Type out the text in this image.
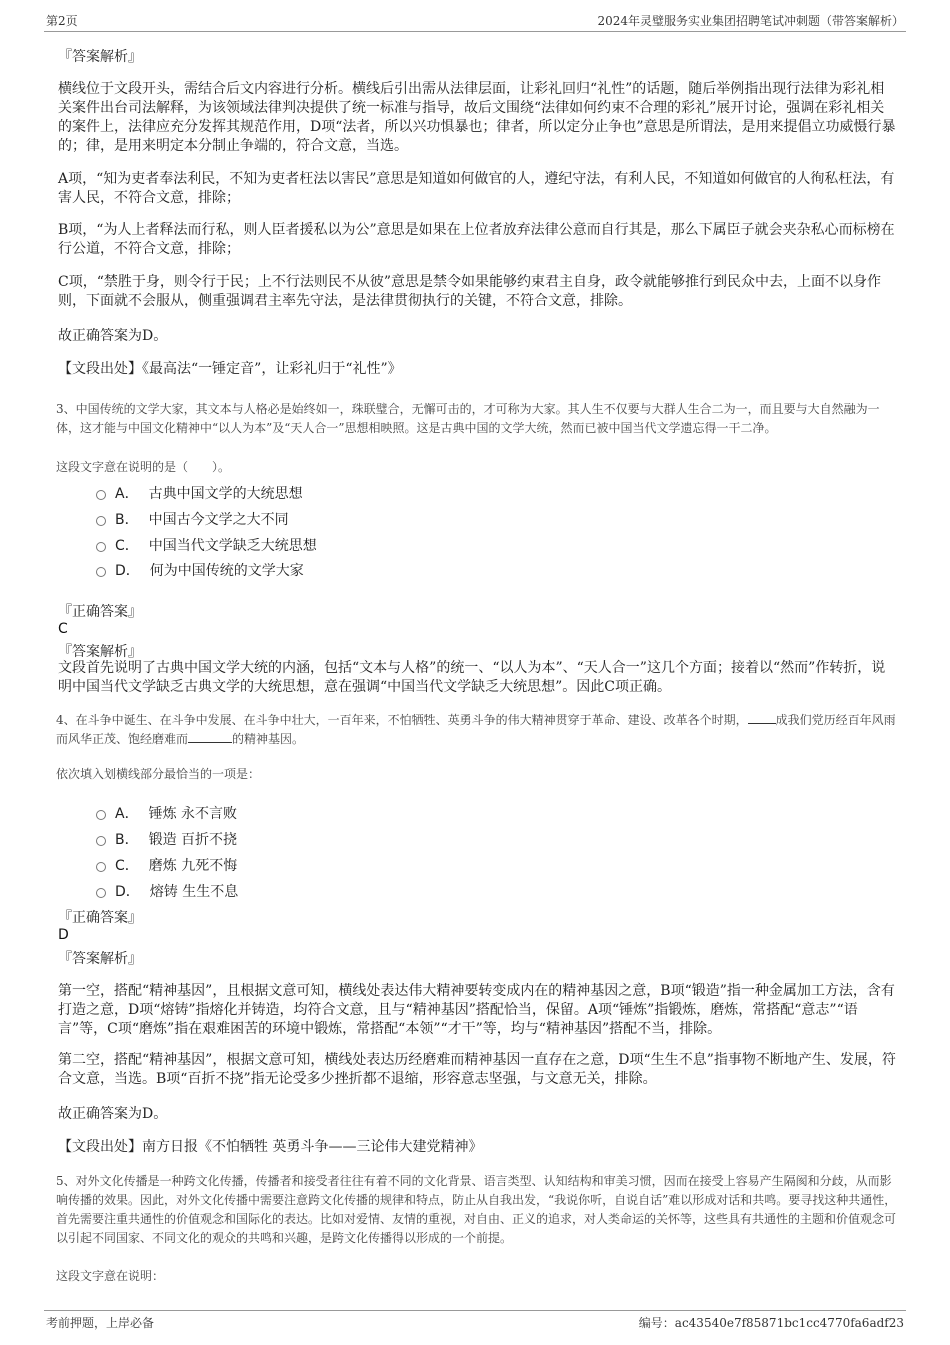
第2页	2024年灵璧服务实业集团招聘笔试冲刺题（带答案解析）
『答案解析』

横线位于文段开头，需结合后文内容进行分析。横线后引出需从法律层面，让彩礼回归“礼性”的话题，随后举例指出现行法律为彩礼相关案件出台司法解释，为该领域法律判决提供了统一标准与指导，故后文围绕“法律如何约束不合理的彩礼”展开讨论，强调在彩礼相关的案件上，法律应充分发挥其规范作用，D项“法者，所以兴功惧暴也；律者，所以定分止争也”意思是所谓法，是用来提倡立功威慑行暴的；律，是用来明定本分制止争端的，符合文意，当选。

A项，“知为吏者奉法利民，不知为吏者枉法以害民”意思是知道如何做官的人，遵纪守法，有利人民，不知道如何做官的人徇私枉法，有害人民，不符合文意，排除；

B项，“为人上者释法而行私，则人臣者援私以为公”意思是如果在上位者放弃法律公意而自行其是，那么下属臣子就会夹杂私心而标榜在行公道，不符合文意，排除；

C项，“禁胜于身，则令行于民；上不行法则民不从彼”意思是禁令如果能够约束君主自身，政令就能够推行到民众中去，上面不以身作则，下面就不会服从，侧重强调君主率先守法，是法律贯彻执行的关键，不符合文意，排除。

故正确答案为D。
【文段出处】《最高法“一锤定音”，让彩礼归于“礼性”》

3、中国传统的文学大家，其文本与人格必是始终如一，珠联璧合，无懈可击的，才可称为大家。其人生不仅要与大群人生合二为一，而且要与大自然融为一体，这才能与中国文化精神中“以人为本”及“天人合一”思想相映照。这是古典中国的文学大统，然而已被中国当代文学遗忘得一干二净。

这段文字意在说明的是（　　）。
A． 古典中国文学的大统思想
B． 中国古今文学之大不同
C． 中国当代文学缺乏大统思想
D． 何为中国传统的文学大家
『正确答案』
C
『答案解析』

文段首先说明了古典中国文学大统的内涵，包括“文本与人格”的统一、“以人为本”、“天人合一”这几个方面；接着以“然而”作转折，说明中国当代文学缺乏古典文学的大统思想，意在强调“中国当代文学缺乏大统思想”。因此C项正确。

4、在斗争中诞生、在斗争中发展、在斗争中壮大，一百年来，不怕牺牲、英勇斗争的伟大精神贯穿于革命、建设、改革各个时期， 成我们党历经百年风雨而风华正茂、饱经磨难而	的精神基因。

依次填入划横线部分最恰当的一项是：
A． 锤炼 永不言败
B． 锻造 百折不挠
C． 磨炼 九死不悔
D． 熔铸 生生不息
『正确答案』
D
『答案解析』

第一空，搭配“精神基因”，且根据文意可知，横线处表达伟大精神要转变成内在的精神基因之意，B项“锻造”指一种金属加工方法，含有打造之意，D项“熔铸”指熔化并铸造，均符合文意，且与“精神基因”搭配恰当，保留。A项“锤炼”指锻炼，磨炼，常搭配“意志”“语言”等，C项“磨炼”指在艰难困苦的环境中锻炼，常搭配“本领”“才干”等，均与“精神基因”搭配不当，排除。

第二空，搭配“精神基因”，根据文意可知，横线处表达历经磨难而精神基因一直存在之意，D项“生生不息”指事物不断地产生、发展，符合文意，当选。B项“百折不挠”指无论受多少挫折都不退缩，形容意志坚强，与文意无关，排除。

故正确答案为D。
【文段出处】南方日报《不怕牺牲 英勇斗争——三论伟大建党精神》

5、对外文化传播是一种跨文化传播，传播者和接受者往往有着不同的文化背景、语言类型、认知结构和审美习惯，因而在接受上容易产生隔阂和分歧，从而影响传播的效果。因此，对外文化传播中需要注意跨文化传播的规律和特点，防止从自我出发，“我说你听，自说自话”难以形成对话和共鸣。要寻找这种共通性，首先需要注重共通性的价值观念和国际化的表达。比如对爱情、友情的重视，对自由、正义的追求，对人类命运的关怀等，这些具有共通性的主题和价值观念可以引起不同国家、不同文化的观众的共鸣和兴趣，是跨文化传播得以形成的一个前提。

这段文字意在说明：
考前押题，上岸必备	编号：ac43540e7f85871bc1cc4770fa6adf23
